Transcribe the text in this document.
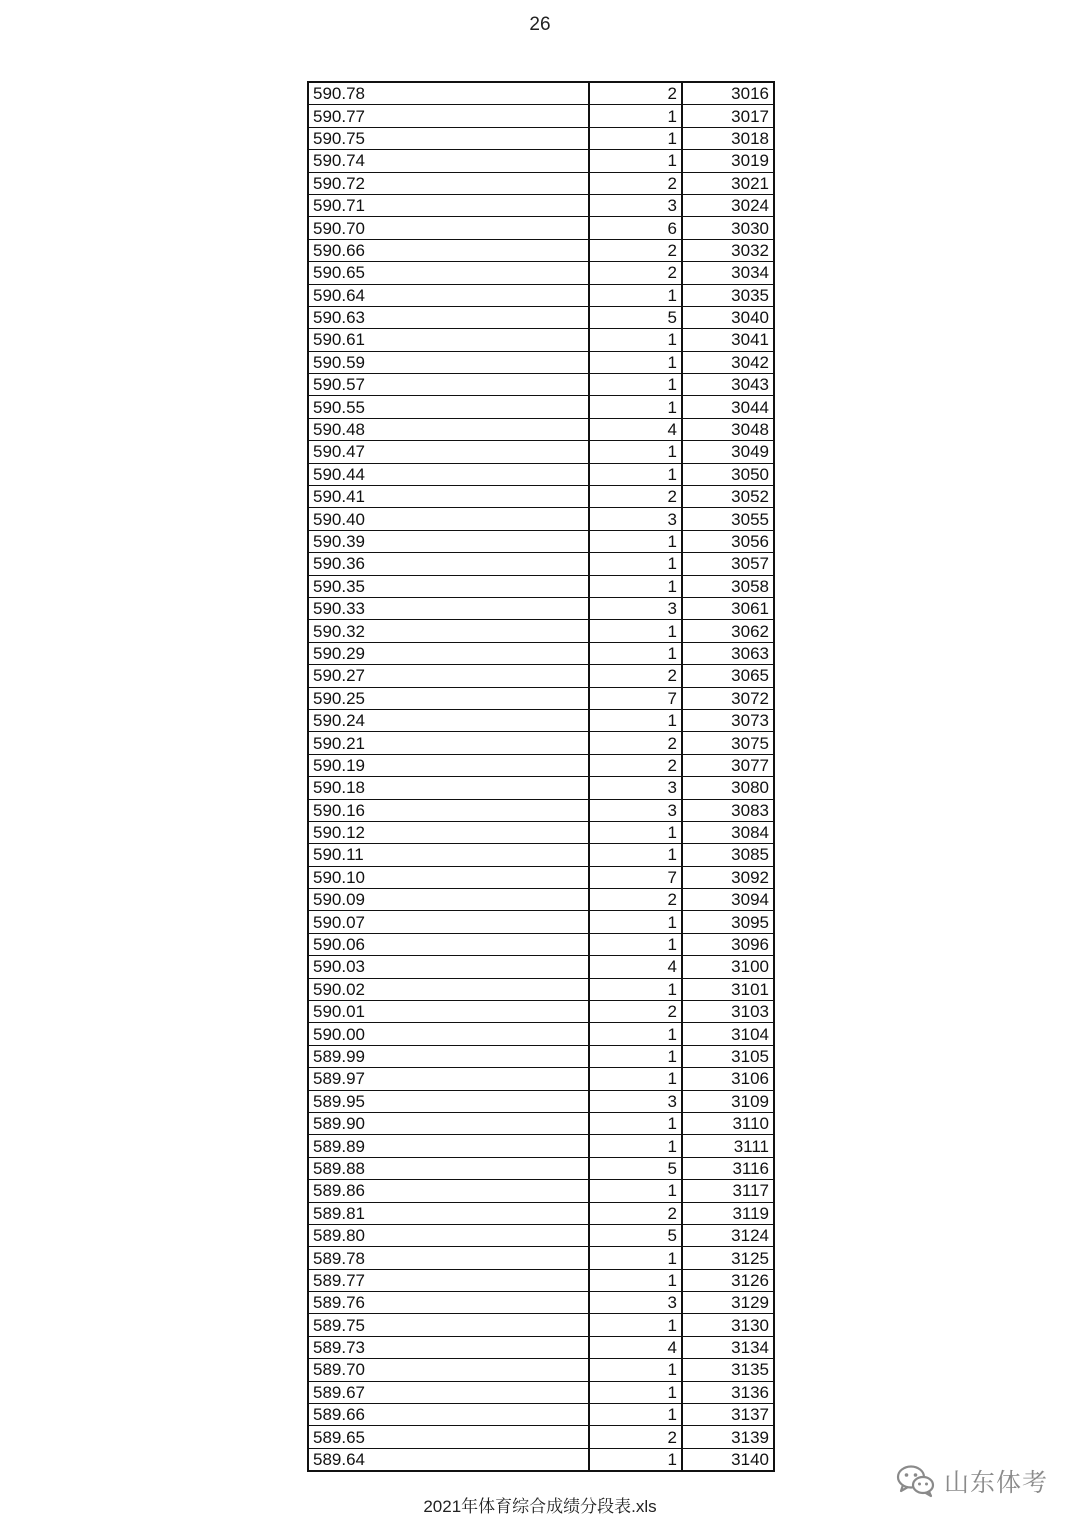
26
590.78	2	3016
590.77	1	3017
590.75	1	3018
590.74	1	3019
590.72	2	3021
590.71	3	3024
590.70	6	3030
590.66	2	3032
590.65	2	3034
590.64	1	3035
590.63	5	3040
590.61	1	3041
590.59	1	3042
590.57	1	3043
590.55	1	3044
590.48	4	3048
590.47	1	3049
590.44	1	3050
590.41	2	3052
590.40	3	3055
590.39	1	3056
590.36	1	3057
590.35	1	3058
590.33	3	3061
590.32	1	3062
590.29	1	3063
590.27	2	3065
590.25	7	3072
590.24	1	3073
590.21	2	3075
590.19	2	3077
590.18	3	3080
590.16	3	3083
590.12	1	3084
590.11	1	3085
590.10	7	3092
590.09	2	3094
590.07	1	3095
590.06	1	3096
590.03	4	3100
590.02	1	3101
590.01	2	3103
590.00	1	3104
589.99	1	3105
589.97	1	3106
589.95	3	3109
589.90	1	3110
589.89	1	3111
589.88	5	3116
589.86	1	3117
589.81	2	3119
589.80	5	3124
589.78	1	3125
589.77	1	3126
589.76	3	3129
589.75	1	3130
589.73	4	3134
589.70	1	3135
589.67	1	3136
589.66	1	3137
589.65	2	3139
589.64	1	3140
2021年体育综合成绩分段表.xls
山东体考
